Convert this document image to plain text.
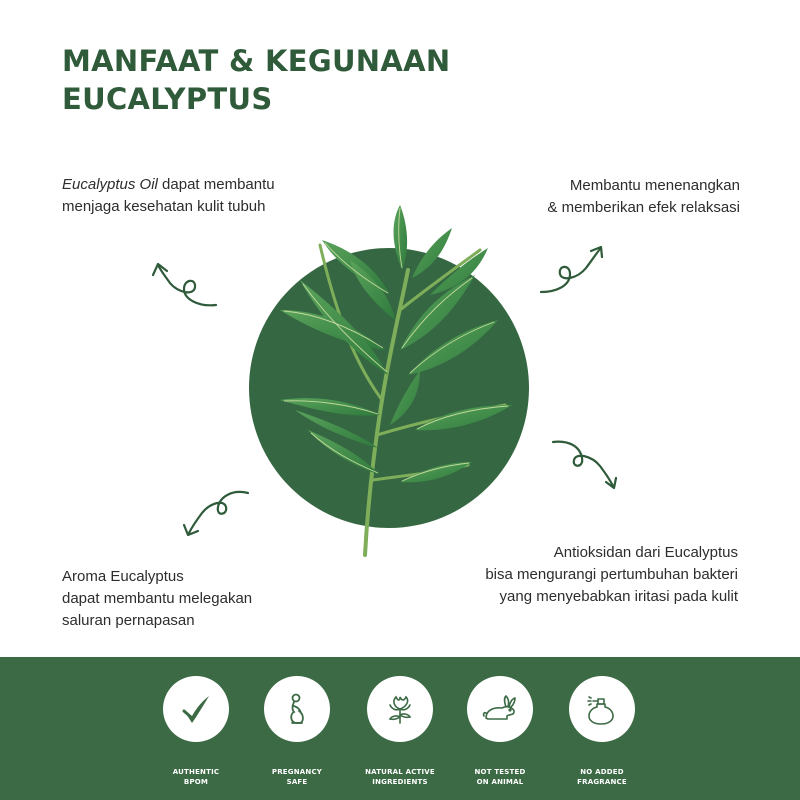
MANFAAT & KEGUNAAN
EUCALYPTUS
Eucalyptus Oil dapat membantu
menjaga kesehatan kulit tubuh
Membantu menenangkan
& memberikan efek relaksasi
Aroma Eucalyptus
dapat membantu melegakan
saluran pernapasan
Antioksidan dari Eucalyptus
bisa mengurangi pertumbuhan bakteri
yang menyebabkan iritasi pada kulit
AUTHENTIC
BPOM
PREGNANCY
SAFE
NATURAL ACTIVE
INGREDIENTS
NOT TESTED
ON ANIMAL
NO ADDED
FRAGRANCE
